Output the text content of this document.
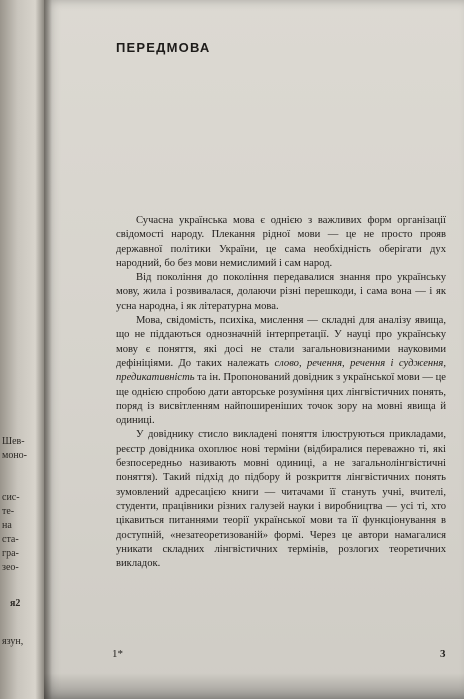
Шев-
моно-
сис-
те-
на
ста-
гра-
зео-
я2
язун,
ПЕРЕДМОВА

Сучасна українська мова є однією з важливих форм організації свідомості народу. Плекання рідної мови — це не просто прояв державної політики України, це сама необхідність оберігати дух народний, бо без мови немислимий і сам народ.

Від покоління до покоління передавалися знання про українську мову, жила і розвивалася, долаючи різні перешкоди, і сама вона — і як усна народна, і як літературна мова.

Мова, свідомість, психіка, мислення — складні для аналізу явища, що не піддаються однозначній інтерпретації. У науці про українську мову є поняття, які досі не стали загальновизнаними науковими дефініціями. До таких належать слово, речення, речення і судження, предикативність та ін. Пропонований довідник з української мови — це ще однією спробою дати авторське розуміння цих лінгвістичних понять, поряд із висвітленням найпоширеніших точок зору на мовні явища й одиниці.

У довіднику стисло викладені поняття ілюструються прикладами, реєстр довідника охоплює нові терміни (відбиралися переважно ті, які безпосередньо називають мовні одиниці, а не загальнолінгвістичні поняття). Такий підхід до підбору й розкриття лінгвістичних понять зумовлений адресацією книги — читачами її стануть учні, вчителі, студенти, працівники різних галузей науки і виробництва — усі ті, хто цікавиться питаннями теорії української мови та її функціонування в доступній, «незатеоретизованій» формі. Через це автори намагалися уникати складних лінгвістичних термінів, розлогих теоретичних викладок.

1*	3
